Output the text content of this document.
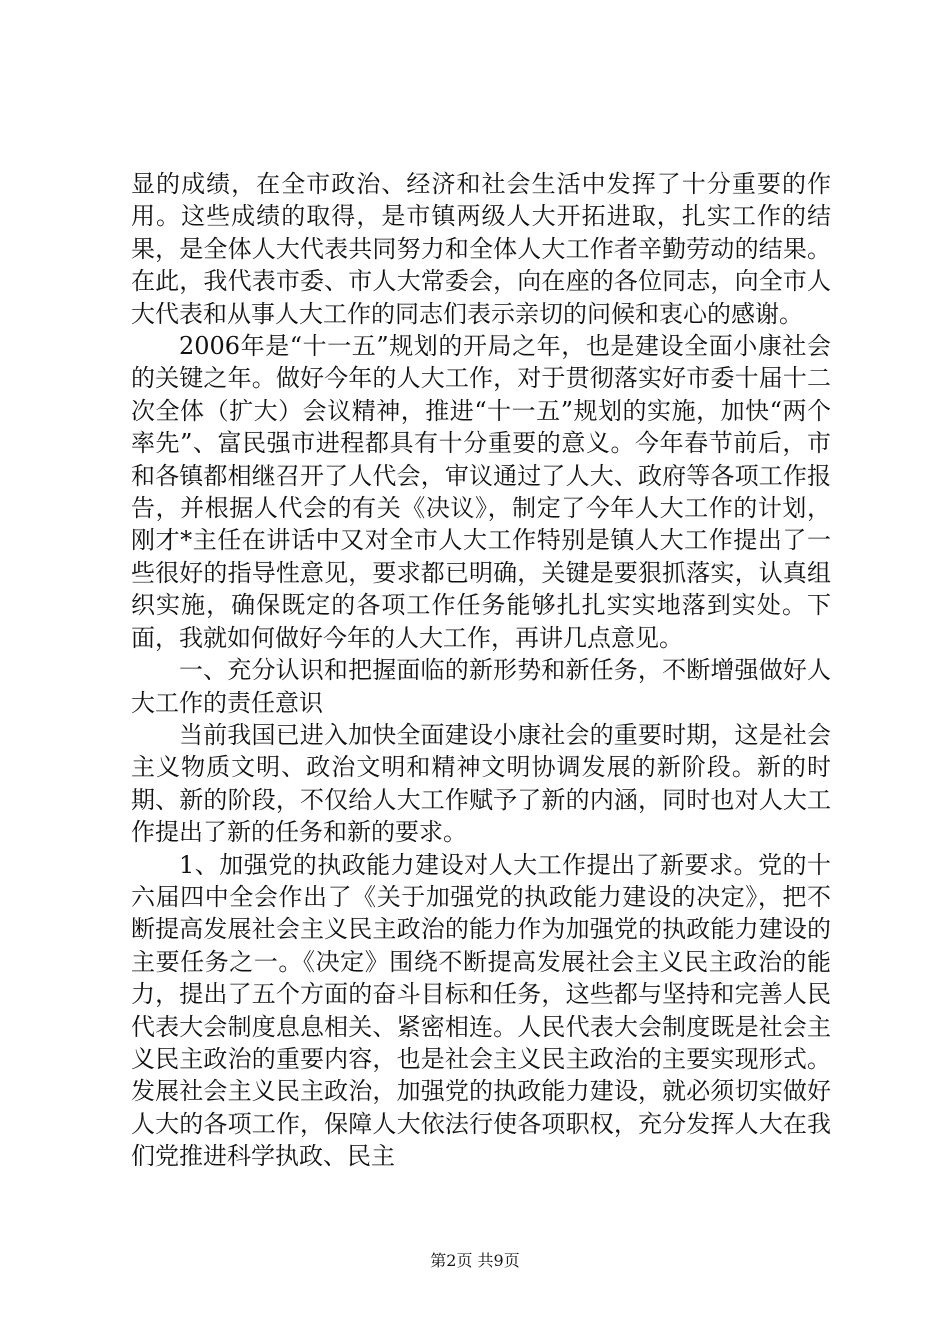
显的成绩，在全市政治、经济和社会生活中发挥了十分重要的作用。这些成绩的取得，是市镇两级人大开拓进取，扎实工作的结果，是全体人大代表共同努力和全体人大工作者辛勤劳动的结果。在此，我代表市委、市人大常委会，向在座的各位同志，向全市人大代表和从事人大工作的同志们表示亲切的问候和衷心的感谢。

2006年是“十一五”规划的开局之年，也是建设全面小康社会的关键之年。做好今年的人大工作，对于贯彻落实好市委十届十二次全体（扩大）会议精神，推进“十一五”规划的实施，加快“两个率先”、富民强市进程都具有十分重要的意义。今年春节前后，市和各镇都相继召开了人代会，审议通过了人大、政府等各项工作报告，并根据人代会的有关《决议》，制定了今年人大工作的计划，刚才*主任在讲话中又对全市人大工作特别是镇人大工作提出了一些很好的指导性意见，要求都已明确，关键是要狠抓落实，认真组织实施，确保既定的各项工作任务能够扎扎实实地落到实处。下面，我就如何做好今年的人大工作，再讲几点意见。

一、充分认识和把握面临的新形势和新任务，不断增强做好人大工作的责任意识

当前我国已进入加快全面建设小康社会的重要时期，这是社会主义物质文明、政治文明和精神文明协调发展的新阶段。新的时期、新的阶段，不仅给人大工作赋予了新的内涵，同时也对人大工作提出了新的任务和新的要求。

1、加强党的执政能力建设对人大工作提出了新要求。党的十六届四中全会作出了《关于加强党的执政能力建设的决定》，把不断提高发展社会主义民主政治的能力作为加强党的执政能力建设的主要任务之一。《决定》围绕不断提高发展社会主义民主政治的能力，提出了五个方面的奋斗目标和任务，这些都与坚持和完善人民代表大会制度息息相关、紧密相连。人民代表大会制度既是社会主义民主政治的重要内容，也是社会主义民主政治的主要实现形式。发展社会主义民主政治，加强党的执政能力建设，就必须切实做好人大的各项工作，保障人大依法行使各项职权，充分发挥人大在我们党推进科学执政、民主

第2页 共9页
